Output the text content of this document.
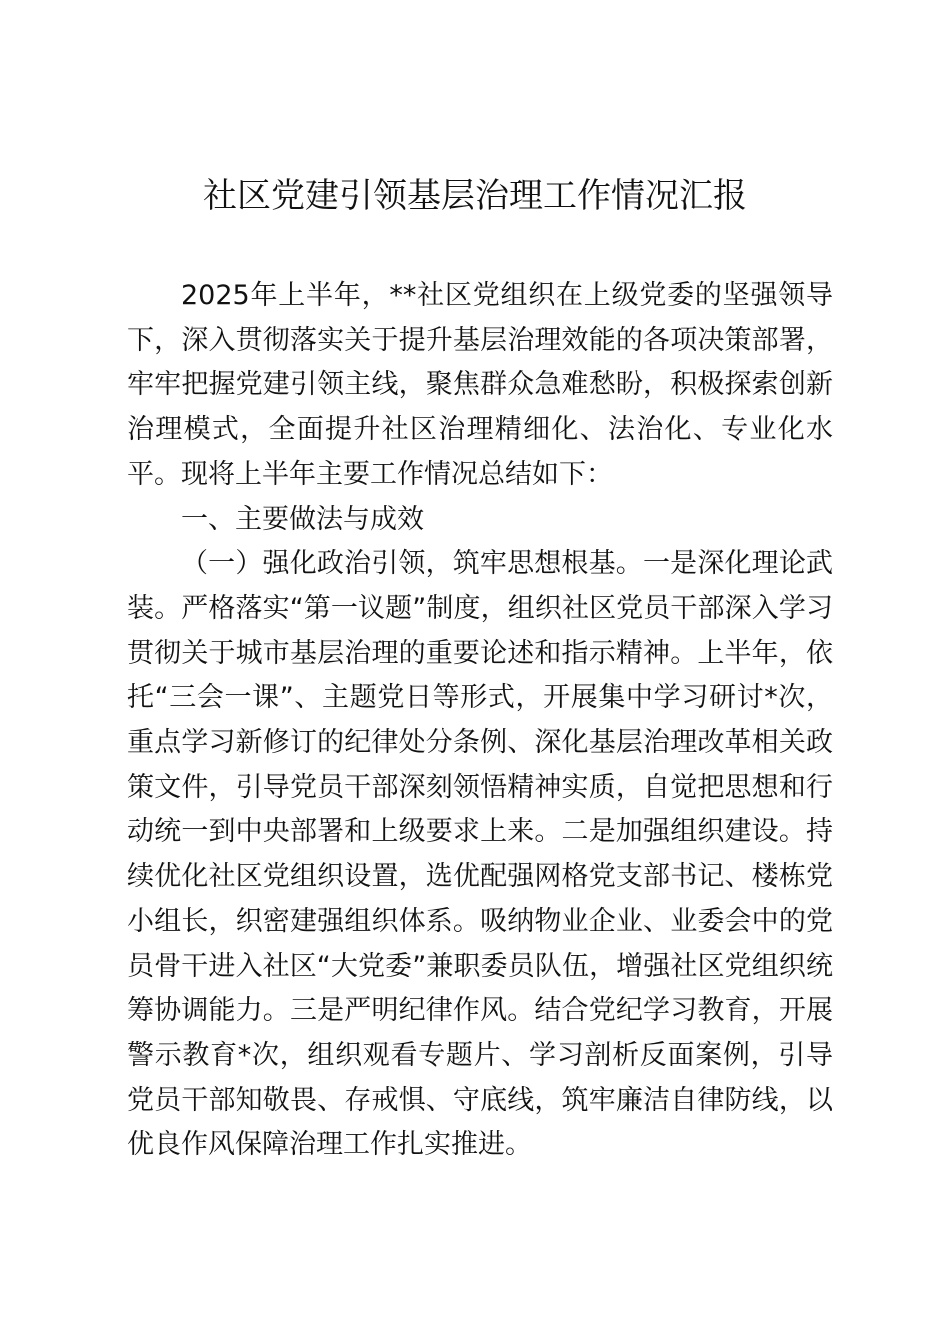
社区党建引领基层治理工作情况汇报

2025年上半年，**社区党组织在上级党委的坚强领导下，深入贯彻落实关于提升基层治理效能的各项决策部署，牢牢把握党建引领主线，聚焦群众急难愁盼，积极探索创新治理模式，全面提升社区治理精细化、法治化、专业化水平。现将上半年主要工作情况总结如下：

一、主要做法与成效

（一）强化政治引领，筑牢思想根基。一是深化理论武装。严格落实“第一议题”制度，组织社区党员干部深入学习贯彻关于城市基层治理的重要论述和指示精神。上半年，依托“三会一课”、主题党日等形式，开展集中学习研讨*次，重点学习新修订的纪律处分条例、深化基层治理改革相关政策文件，引导党员干部深刻领悟精神实质，自觉把思想和行动统一到中央部署和上级要求上来。二是加强组织建设。持续优化社区党组织设置，选优配强网格党支部书记、楼栋党小组长，织密建强组织体系。吸纳物业企业、业委会中的党员骨干进入社区“大党委”兼职委员队伍，增强社区党组织统筹协调能力。三是严明纪律作风。结合党纪学习教育，开展警示教育*次，组织观看专题片、学习剖析反面案例，引导党员干部知敬畏、存戒惧、守底线，筑牢廉洁自律防线，以优良作风保障治理工作扎实推进。
